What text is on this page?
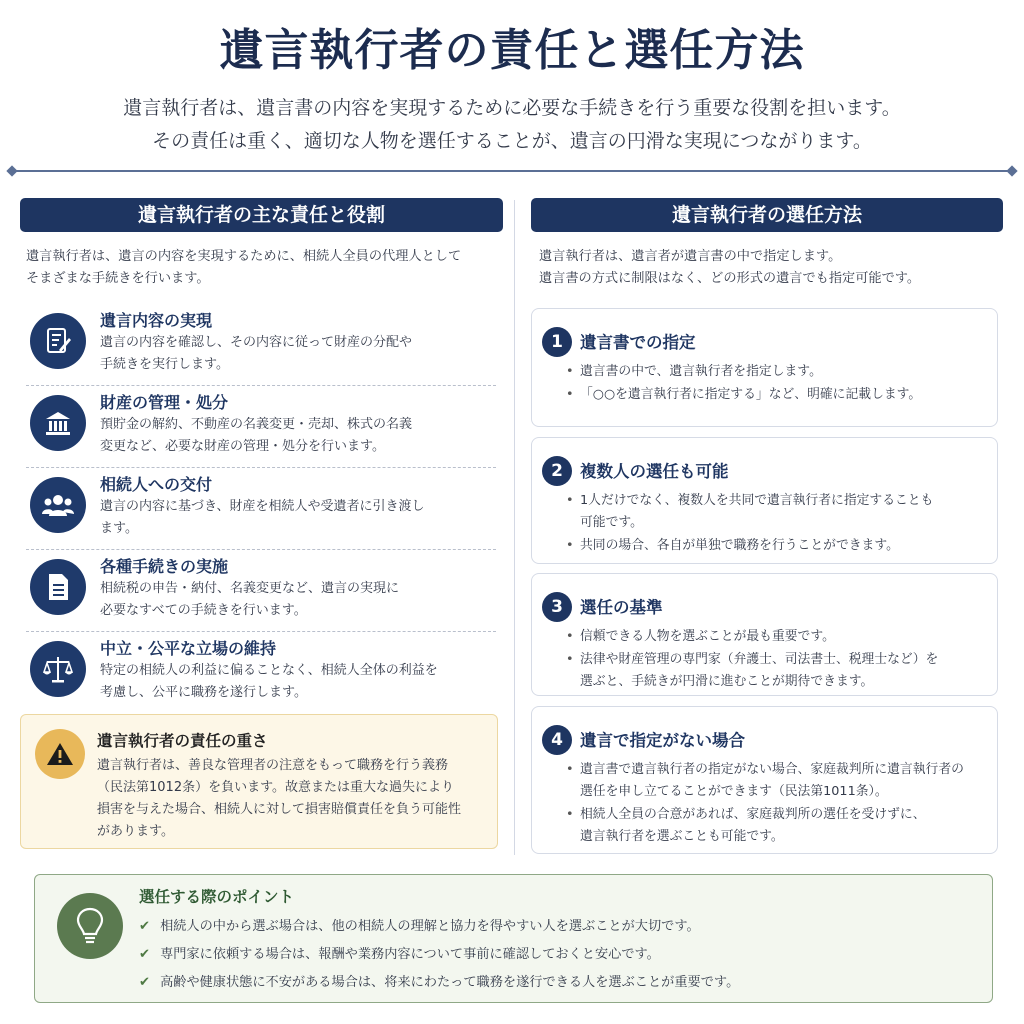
遺言執行者の責任と選任方法
遺言執行者は、遺言書の内容を実現するために必要な手続きを行う重要な役割を担います。
その責任は重く、適切な人物を選任することが、遺言の円滑な実現につながります。
遺言執行者の主な責任と役割
遺言執行者は、遺言の内容を実現するために、相続人全員の代理人として
そまざまな手続きを行います。
遺言内容の実現
遺言の内容を確認し、その内容に従って財産の分配や
手続きを実行します。
財産の管理・処分
預貯金の解約、不動産の名義変更・売却、株式の名義
変更など、必要な財産の管理・処分を行います。
相続人への交付
遺言の内容に基づき、財産を相続人や受遺者に引き渡し
ます。
各種手続きの実施
相続税の申告・納付、名義変更など、遺言の実現に
必要なすべての手続きを行います。
中立・公平な立場の維持
特定の相続人の利益に偏ることなく、相続人全体の利益を
考慮し、公平に職務を遂行します。
遺言執行者の責任の重さ
遺言執行者は、善良な管理者の注意をもって職務を行う義務
（民法第1012条）を負います。故意または重大な過失により
損害を与えた場合、相続人に対して損害賠償責任を負う可能性
があります。
遺言執行者の選任方法
遺言執行者は、遺言者が遺言書の中で指定します。
遺言書の方式に制限はなく、どの形式の遺言でも指定可能です。
1	遺言書での指定
• 遺言書の中で、遺言執行者を指定します。
• 「○○を遺言執行者に指定する」など、明確に記載します。
2	複数人の選任も可能
• 1人だけでなく、複数人を共同で遺言執行者に指定することも
可能です。
• 共同の場合、各自が単独で職務を行うことができます。
3	選任の基準
• 信頼できる人物を選ぶことが最も重要です。
• 法律や財産管理の専門家（弁護士、司法書士、税理士など）を
選ぶと、手続きが円滑に進むことが期待できます。
4	遺言で指定がない場合
• 遺言書で遺言執行者の指定がない場合、家庭裁判所に遺言執行者の
選任を申し立てることができます（民法第1011条）。
• 相続人全員の合意があれば、家庭裁判所の選任を受けずに、
遺言執行者を選ぶことも可能です。
選任する際のポイント
✔ 相続人の中から選ぶ場合は、他の相続人の理解と協力を得やすい人を選ぶことが大切です。
✔ 専門家に依頼する場合は、報酬や業務内容について事前に確認しておくと安心です。
✔ 高齢や健康状態に不安がある場合は、将来にわたって職務を遂行できる人を選ぶことが重要です。
